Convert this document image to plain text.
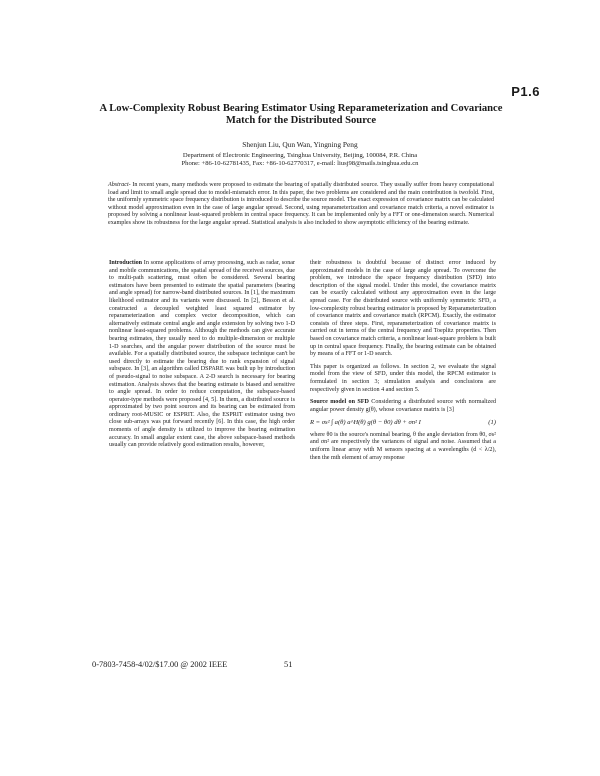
P1.6
A Low-Complexity Robust Bearing Estimator Using Reparameterization and Covariance Match for the Distributed Source
Shenjun Liu, Qun Wan, Yingning Peng
Department of Electronic Engineering, Tsinghua University, Beijing, 100084, P.R. China
Phone: +86-10-62781435, Fax: +86-10-62770317, e-mail: liusj98@mails.tsinghua.edu.cn
Abstract- In recent years, many methods were proposed to estimate the bearing of spatially distributed source. They usually suffer from heavy computational load and limit to small angle spread due to model-mismatch error. In this paper, the two problems are considered and the main contribution is twofold. First, the uniformly symmetric space frequency distribution is introduced to describe the source model. The exact expression of covariance matrix can be calculated without model approximation even in the case of large angular spread. Second, using reparameterization and covariance match criteria, a novel estimator is proposed by solving a nonlinear least-squared problem in central space frequency. It can be implemented only by a FFT or one-dimension search. Numerical examples show its robustness for the large angular spread. Statistical analysis is also included to show asymptotic efficiency of the bearing estimate.

Introduction In some applications of array processing, such as radar, sonar and mobile communications, the spatial spread of the received sources, due to multi-path scattering, must often be considered. Several bearing estimators have been presented to estimate the spatial parameters (bearing and angle spread) for narrow-band distributed sources. In [1], the maximum likelihood estimator and its variants were discussed. In [2], Besson et al. constructed a decoupled weighted least squared estimator by reparameterization and complex vector decomposition, which can alternatively estimate central angle and angle extension by solving two 1-D nonlinear least-squared problems. Although the methods can give accurate bearing estimates, they usually need to do multiple-dimension or multiple 1-D searches, and the angular power distribution of the source must be available. For a spatially distributed source, the subspace technique can't be used directly to estimate the bearing due to rank expansion of signal subspace. In [3], an algorithm called DSPARE was built up by introduction of pseudo-signal to noise subspace. A 2-D search is necessary for bearing estimation. Analysis shows that the bearing estimate is biased and sensitive to angle spread. In order to reduce computation, the subspace-based operator-type methods were proposed [4, 5]. In them, a distributed source is approximated by two point sources and its bearing can be estimated from ordinary root-MUSIC or ESPRIT. Also, the ESPRIT estimator using two close sub-arrays was put forward recently [6]. In this case, the high order moments of angle density is utilized to improve the bearing estimation accuracy. In small angular extent case, the above subspace-based methods usually can provide relatively good estimation results, however,

their robustness is doubtful because of distinct error induced by approximated models in the case of large angle spread. To overcome the problem, we introduce the space frequency distribution (SFD) into description of the signal model. Under this model, the covariance matrix can be exactly calculated without any approximation even in the large spread case. For the distributed source with uniformly symmetric SFD, a low-complexity robust bearing estimator is proposed by Reparameterization of covariance matrix and covariance match (RPCM). Exactly, the estimator consists of three steps. First, reparameterization of covariance matrix is carried out in terms of the central frequency and Toeplitz properties. Then based on covariance match criteria, a nonlinear least-square problem is built up in central space frequency. Finally, the bearing estimate can be obtained by means of a FFT or 1-D search.

This paper is organized as follows. In section 2, we evaluate the signal model from the view of SFD, under this model, the RPCM estimator is formulated in section 3; simulation analysis and conclusions are respectively given in section 4 and section 5.

Source model on SFD Considering a distributed source with normalized angular power density g(θ), whose covariance matrix is [3]

R = σs² ∫ a(θ) a^H(θ) g(θ − θ0) dθ + σn² I	(1)

where θ0 is the source's nominal bearing, θ the angle deviation from θ0, σs² and σn² are respectively the variances of signal and noise. Assumed that a uniform linear array with M sensors spacing at a wavelengths (d < λ/2), then the mth element of array response

0-7803-7458-4/02/$17.00 @ 2002 IEEE	51
